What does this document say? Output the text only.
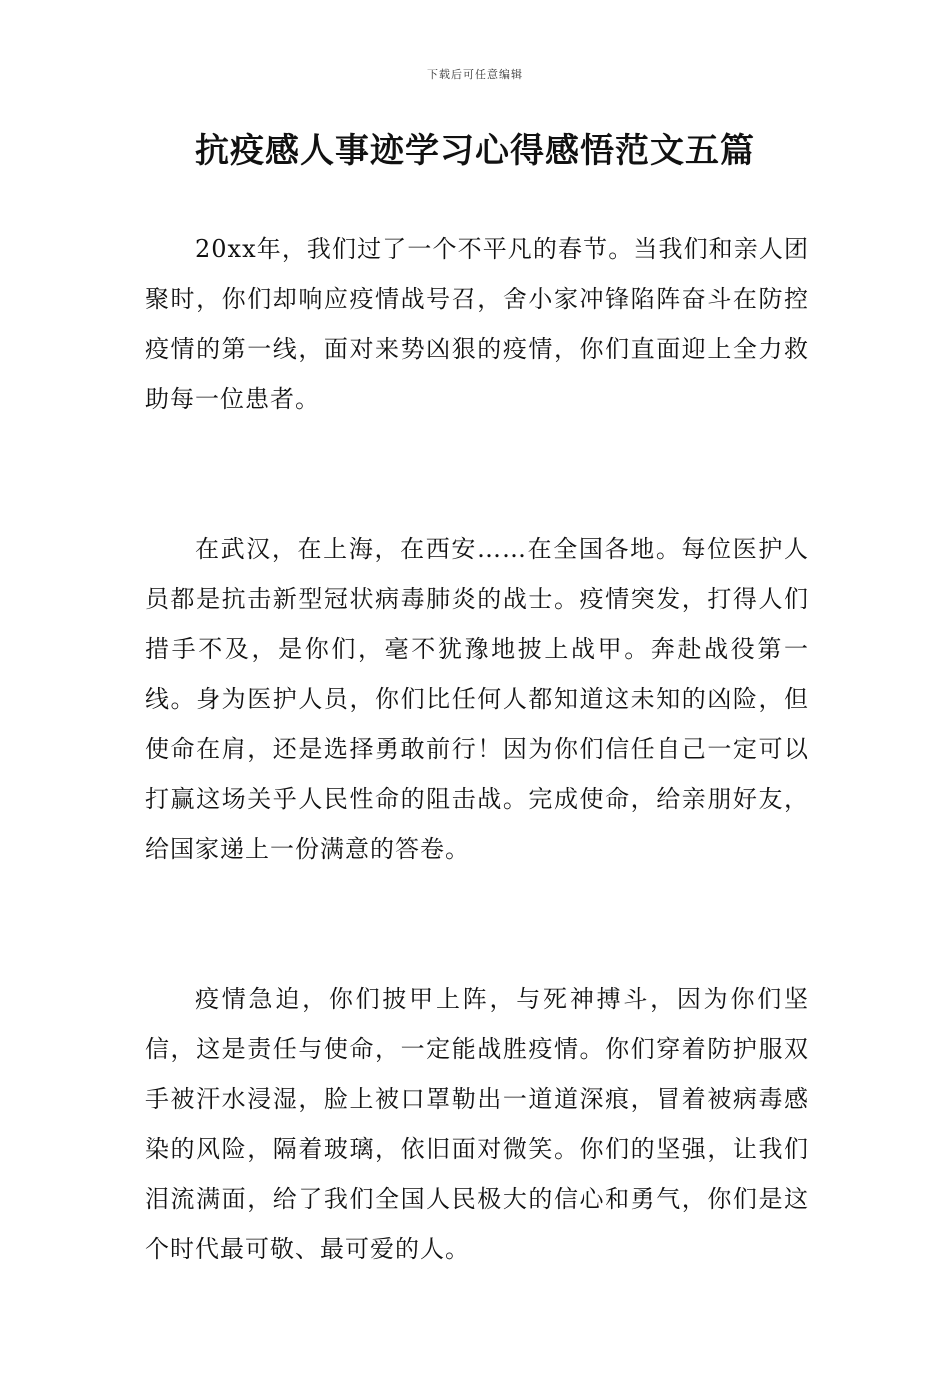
下载后可任意编辑
抗疫感人事迹学习心得感悟范文五篇

20xx年，我们过了一个不平凡的春节。当我们和亲人团聚时，你们却响应疫情战号召，舍小家冲锋陷阵奋斗在防控疫情的第一线，面对来势凶狠的疫情，你们直面迎上全力救助每一位患者。

在武汉，在上海，在西安……在全国各地。每位医护人员都是抗击新型冠状病毒肺炎的战士。疫情突发，打得人们措手不及，是你们，毫不犹豫地披上战甲。奔赴战役第一线。身为医护人员，你们比任何人都知道这未知的凶险，但使命在肩，还是选择勇敢前行！因为你们信任自己一定可以打赢这场关乎人民性命的阻击战。完成使命，给亲朋好友，给国家递上一份满意的答卷。

疫情急迫，你们披甲上阵，与死神搏斗，因为你们坚信，这是责任与使命，一定能战胜疫情。你们穿着防护服双手被汗水浸湿，脸上被口罩勒出一道道深痕，冒着被病毒感染的风险，隔着玻璃，依旧面对微笑。你们的坚强，让我们泪流满面，给了我们全国人民极大的信心和勇气，你们是这个时代最可敬、最可爱的人。
